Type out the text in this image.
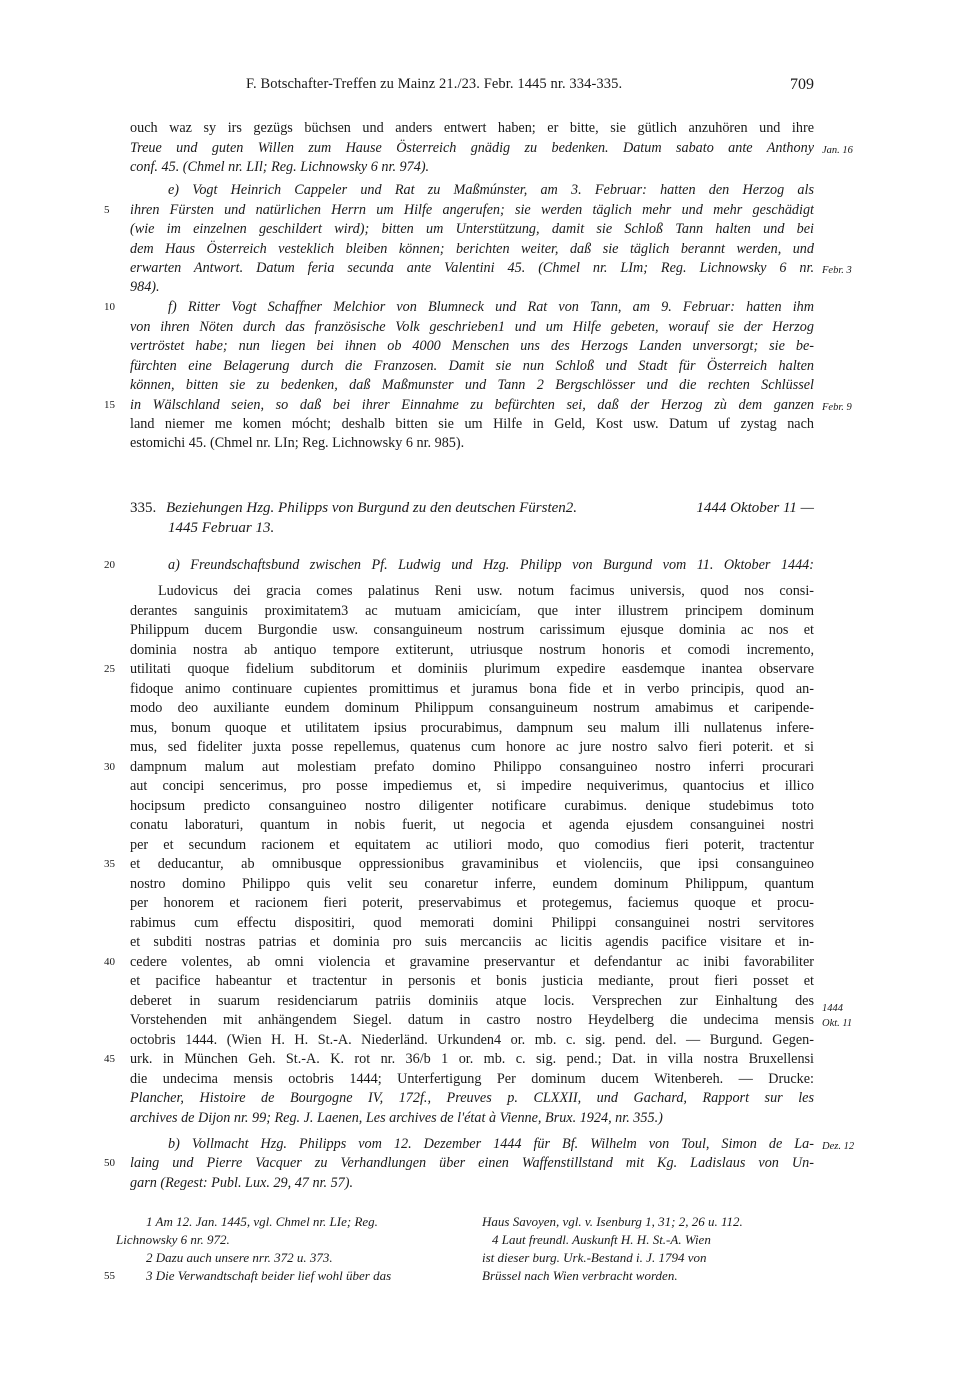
F. Botschafter-Treffen zu Mainz 21./23. Febr. 1445 nr. 334-335.	709
ouch waz sy irs gezügs büchsen und anders entwert haben; er bitte, sie gütlich anzuhören und ihre
Treue und guten Willen zum Hause Österreich gnädig zu bedenken. Datum sabato ante Anthony
conf. 45. (Chmel nr. LIl; Reg. Lichnowsky 6 nr. 974).
e) Vogt Heinrich Cappeler und Rat zu Maßmúnster, am 3. Februar: hatten den Herzog als
ihren Fürsten und natürlichen Herrn um Hilfe angerufen; sie werden täglich mehr und mehr geschädigt
(wie im einzelnen geschildert wird); bitten um Unterstützung, damit sie Schloß Tann halten und bei
dem Haus Österreich vesteklich bleiben können; berichten weiter, daß sie täglich berannt werden, und
erwarten Antwort. Datum feria secunda ante Valentini 45. (Chmel nr. LIm; Reg. Lichnowsky 6 nr.
984).
f) Ritter Vogt Schaffner Melchior von Blumneck und Rat von Tann, am 9. Februar: hatten ihm
von ihren Nöten durch das französische Volk geschrieben1 und um Hilfe gebeten, worauf sie der Herzog
vertröstet habe; nun liegen bei ihnen ob 4000 Menschen uns des Herzogs Landen unversorgt; sie be-
fürchten eine Belagerung durch die Franzosen. Damit sie nun Schloß und Stadt für Österreich halten
können, bitten sie zu bedenken, daß Maßmunster und Tann 2 Bergschlösser und die rechten Schlüssel
in Wälschland seien, so daß bei ihrer Einnahme zu befürchten sei, daß der Herzog zù dem ganzen
land niemer me komen mócht; deshalb bitten sie um Hilfe in Geld, Kost usw. Datum uf zystag nach
estomichi 45. (Chmel nr. LIn; Reg. Lichnowsky 6 nr. 985).
335. Beziehungen Hzg. Philipps von Burgund zu den deutschen Fürsten2.	1444 Oktober 11 —
1445 Februar 13.
a) Freundschaftsbund zwischen Pf. Ludwig und Hzg. Philipp von Burgund vom 11. Oktober 1444:
Ludovicus dei gracia comes palatinus Reni usw. notum facimus universis, quod nos consi-
derantes sanguinis proximitatem3 ac mutuam amicicíam, que inter illustrem principem dominum
Philippum ducem Burgondie usw. consanguineum nostrum carissimum ejusque dominia ac nos et
dominia nostra ab antiquo tempore extiterunt, utriusque nostrum honoris et comodi incremento,
utilitati quoque fidelium subditorum et dominiis plurimum expedire easdemque inantea observare
fidoque animo continuare cupientes promittimus et juramus bona fide et in verbo principis, quod an-
modo deo auxiliante eundem dominum Philippum consanguineum nostrum amabimus et caripende-
mus, bonum quoque et utilitatem ipsius procurabimus, dampnum seu malum illi nullatenus infere-
mus, sed fideliter juxta posse repellemus, quatenus cum honore ac jure nostro salvo fieri poterit. et si
dampnum malum aut molestiam prefato domino Philippo consanguineo nostro inferri procurari
aut concipi sencerimus, pro posse impediemus et, si impedire nequiverimus, quantocius et illico
hocipsum predicto consanguineo nostro diligenter notificare curabimus. denique studebimus toto
conatu laboraturi, quantum in nobis fuerit, ut negocia et agenda ejusdem consanguinei nostri
per et secundum racionem et equitatem ac utiliori modo, quo comodius fieri poterit, tractentur
et deducantur, ab omnibusque oppressionibus gravaminibus et violenciis, que ipsi consanguineo
nostro domino Philippo quis velit seu conaretur inferre, eundem dominum Philippum, quantum
per honorem et racionem fieri poterit, preservabimus et protegemus, faciemus quoque et procu-
rabimus cum effectu dispositiri, quod memorati domini Philippi consanguinei nostri servitores
et subditi nostras patrias et dominia pro suis mercanciis ac licitis agendis pacifice visitare et in-
cedere volentes, ab omni violencia et gravamine preservantur et defendantur ac inibi favorabiliter
et pacifice habeantur et tractentur in personis et bonis justicia mediante, prout fieri posset et
deberet in suarum residenciarum patriis dominiis atque locis. Versprechen zur Einhaltung des
Vorstehenden mit anhängendem Siegel. datum in castro nostro Heydelberg die undecima mensis
octobris 1444. (Wien H. H. St.-A. Niederländ. Urkunden4 or. mb. c. sig. pend. del. — Burgund. Gegen-
urk. in München Geh. St.-A. K. rot nr. 36/b 1 or. mb. c. sig. pend.; Dat. in villa nostra Bruxellensi
die undecima mensis octobris 1444; Unterfertigung Per dominum ducem Witenbereh. — Drucke:
Plancher, Histoire de Bourgogne IV, 172f., Preuves p. CLXXII, und Gachard, Rapport sur les
archives de Dijon nr. 99; Reg. J. Laenen, Les archives de l'état à Vienne, Brux. 1924, nr. 355.)
b) Vollmacht Hzg. Philipps vom 12. Dezember 1444 für Bf. Wilhelm von Toul, Simon de La-
laing und Pierre Vacquer zu Verhandlungen über einen Waffenstillstand mit Kg. Ladislaus von Un-
garn (Regest: Publ. Lux. 29, 47 nr. 57).
5
10
15
20
25
30
35
40
45
50
55
Jan. 16
Febr. 3
Febr. 9
1444
Okt. 11
Dez. 12
1 Am 12. Jan. 1445, vgl. Chmel nr. LIe; Reg.
Lichnowsky 6 nr. 972.
2 Dazu auch unsere nrr. 372 u. 373.
3 Die Verwandtschaft beider lief wohl über das
Haus Savoyen, vgl. v. Isenburg 1, 31; 2, 26 u. 112.
4 Laut freundl. Auskunft H. H. St.-A. Wien
ist dieser burg. Urk.-Bestand i. J. 1794 von
Brüssel nach Wien verbracht worden.
